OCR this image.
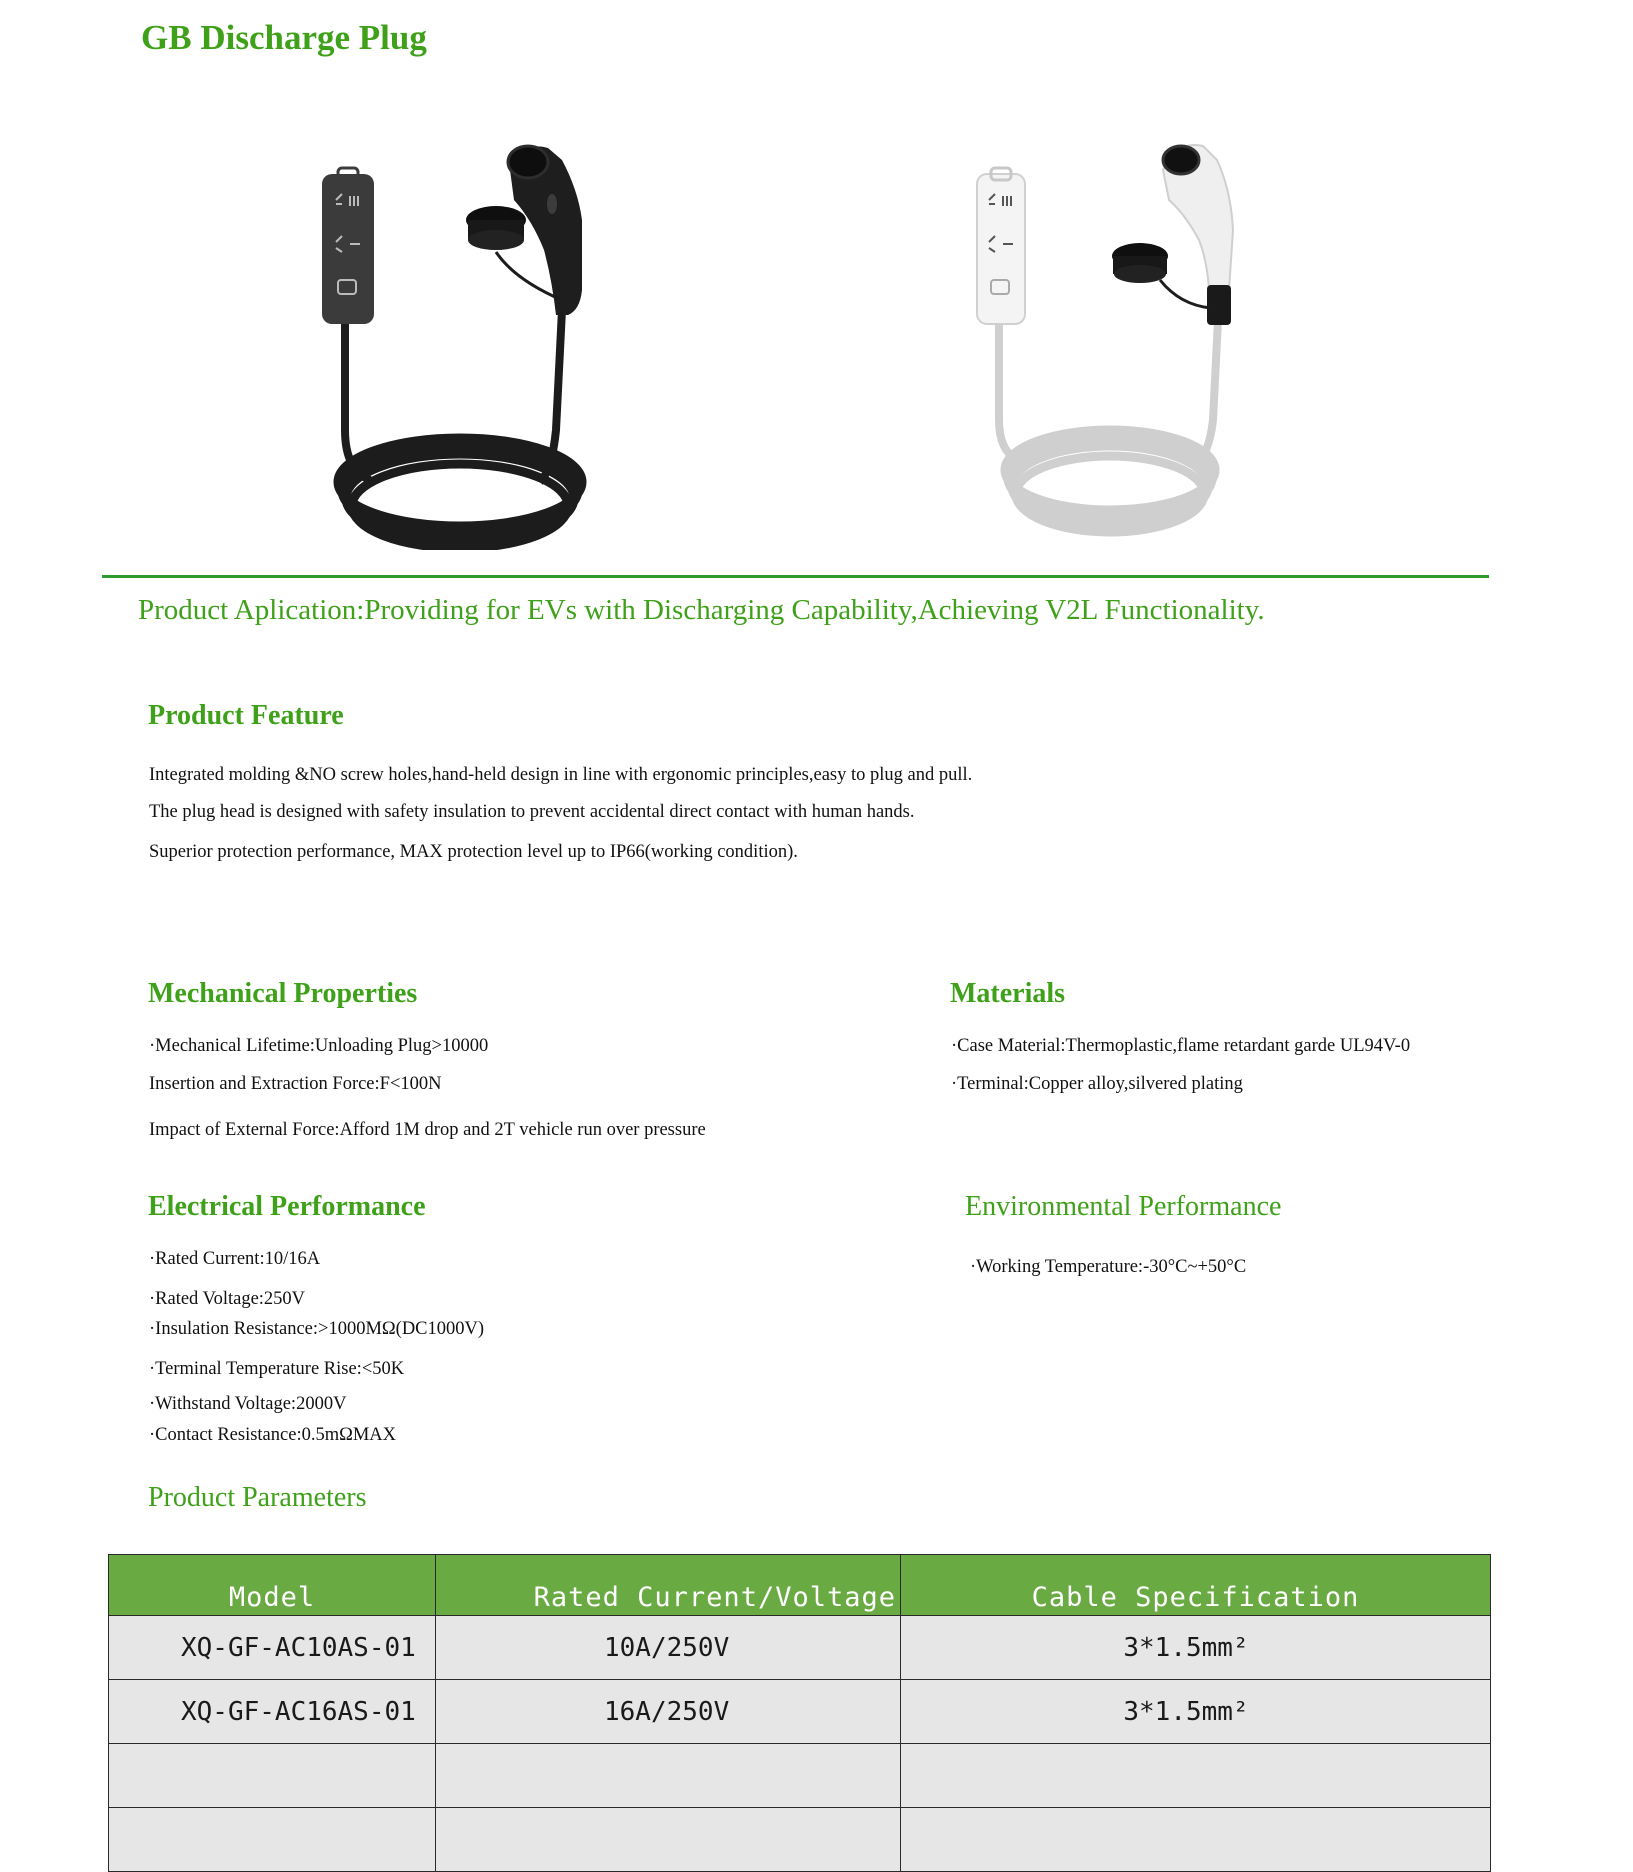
GB Discharge Plug
Product Aplication:Providing for EVs with Discharging Capability,Achieving V2L Functionality.
Product Feature
Integrated molding &NO screw holes,hand-held design in line with ergonomic principles,easy to plug and pull.
The plug head is designed with safety insulation to prevent accidental direct contact with human hands.
Superior protection performance, MAX protection level up to IP66(working condition).
Mechanical Properties
·Mechanical Lifetime:Unloading Plug>10000
Insertion and Extraction Force:F<100N
Impact of External Force:Afford 1M drop and 2T vehicle run over pressure
Materials
·Case Material:Thermoplastic,flame retardant garde UL94V-0
·Terminal:Copper alloy,silvered plating
Electrical Performance
·Rated Current:10/16A
·Rated Voltage:250V
·Insulation Resistance:>1000MΩ(DC1000V)
·Terminal Temperature Rise:<50K
·Withstand Voltage:2000V
·Contact Resistance:0.5mΩMAX
Environmental Performance
·Working Temperature:-30°C~+50°C
Product Parameters
Model	Rated Current/Voltage	Cable Specification
XQ-GF-AC10AS-01	10A/250V	3*1.5mm²
XQ-GF-AC16AS-01	16A/250V	3*1.5mm²
